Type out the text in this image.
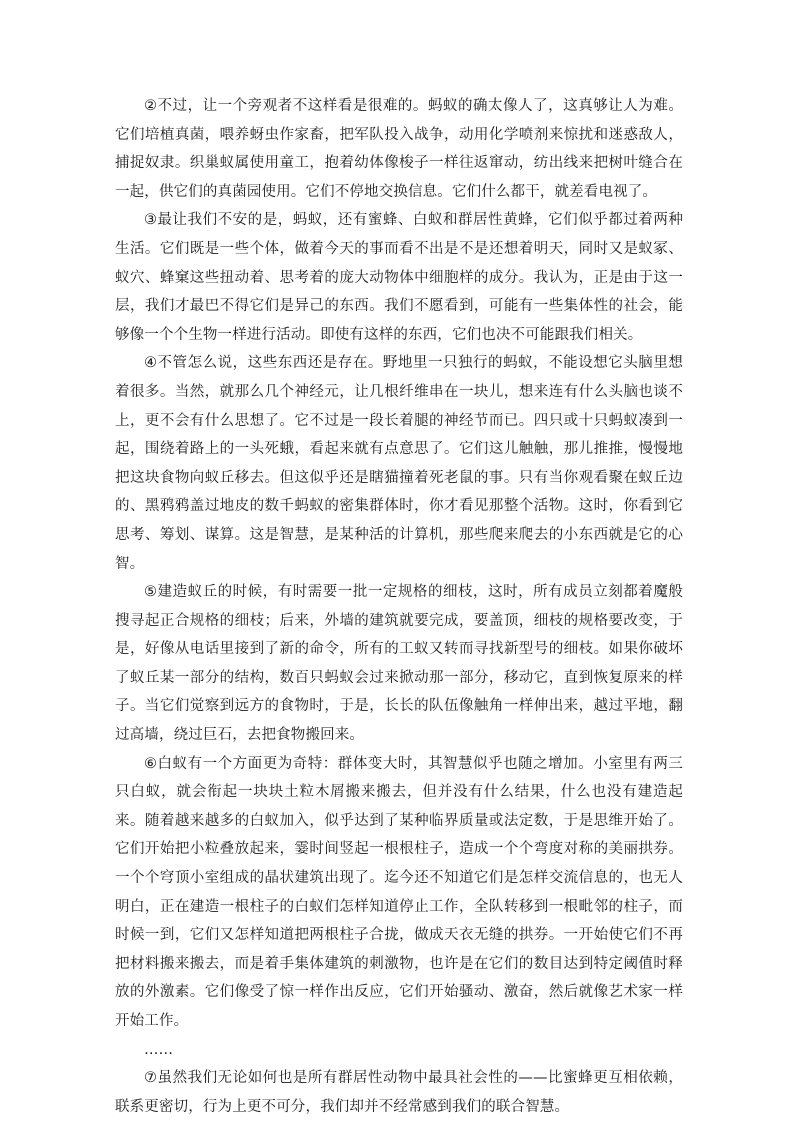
②不过，让一个旁观者不这样看是很难的。蚂蚁的确太像人了，这真够让人为难。它们培植真菌，喂养蚜虫作家畜，把军队投入战争，动用化学喷剂来惊扰和迷惑敌人，捕捉奴隶。织巢蚁属使用童工，抱着幼体像梭子一样往返窜动，纺出线来把树叶缝合在一起，供它们的真菌园使用。它们不停地交换信息。它们什么都干，就差看电视了。

③最让我们不安的是，蚂蚁，还有蜜蜂、白蚁和群居性黄蜂，它们似乎都过着两种生活。它们既是一些个体，做着今天的事而看不出是不是还想着明天，同时又是蚁冢、蚁穴、蜂窠这些扭动着、思考着的庞大动物体中细胞样的成分。我认为，正是由于这一层，我们才最巴不得它们是异己的东西。我们不愿看到，可能有一些集体性的社会，能够像一个个生物一样进行活动。即使有这样的东西，它们也决不可能跟我们相关。

④不管怎么说，这些东西还是存在。野地里一只独行的蚂蚁，不能设想它头脑里想着很多。当然，就那么几个神经元，让几根纤维串在一块儿，想来连有什么头脑也谈不上，更不会有什么思想了。它不过是一段长着腿的神经节而已。四只或十只蚂蚁凑到一起，围绕着路上的一头死蛾，看起来就有点意思了。它们这儿触触，那儿推推，慢慢地把这块食物向蚁丘移去。但这似乎还是瞎猫撞着死老鼠的事。只有当你观看聚在蚁丘边的、黑鸦鸦盖过地皮的数千蚂蚁的密集群体时，你才看见那整个活物。这时，你看到它思考、筹划、谋算。这是智慧，是某种活的计算机，那些爬来爬去的小东西就是它的心智。

⑤建造蚁丘的时候，有时需要一批一定规格的细枝，这时，所有成员立刻都着魔般搜寻起正合规格的细枝；后来，外墙的建筑就要完成，要盖顶，细枝的规格要改变，于是，好像从电话里接到了新的命令，所有的工蚁又转而寻找新型号的细枝。如果你破坏了蚁丘某一部分的结构，数百只蚂蚁会过来掀动那一部分，移动它，直到恢复原来的样子。当它们觉察到远方的食物时，于是，长长的队伍像触角一样伸出来，越过平地，翻过高墙，绕过巨石，去把食物搬回来。

⑥白蚁有一个方面更为奇特：群体变大时，其智慧似乎也随之增加。小室里有两三只白蚁，就会衔起一块块土粒木屑搬来搬去，但并没有什么结果，什么也没有建造起来。随着越来越多的白蚁加入，似乎达到了某种临界质量或法定数，于是思维开始了。它们开始把小粒叠放起来，霎时间竖起一根根柱子，造成一个个弯度对称的美丽拱券。一个个穹顶小室组成的晶状建筑出现了。迄今还不知道它们是怎样交流信息的，也无人明白，正在建造一根柱子的白蚁们怎样知道停止工作，全队转移到一根毗邻的柱子，而时候一到，它们又怎样知道把两根柱子合拢，做成天衣无缝的拱券。一开始使它们不再把材料搬来搬去，而是着手集体建筑的刺激物，也许是在它们的数目达到特定阈值时释放的外激素。它们像受了惊一样作出反应，它们开始骚动、激奋，然后就像艺术家一样开始工作。

……

⑦虽然我们无论如何也是所有群居性动物中最具社会性的——比蜜蜂更互相依赖，联系更密切，行为上更不可分，我们却并不经常感到我们的联合智慧。
